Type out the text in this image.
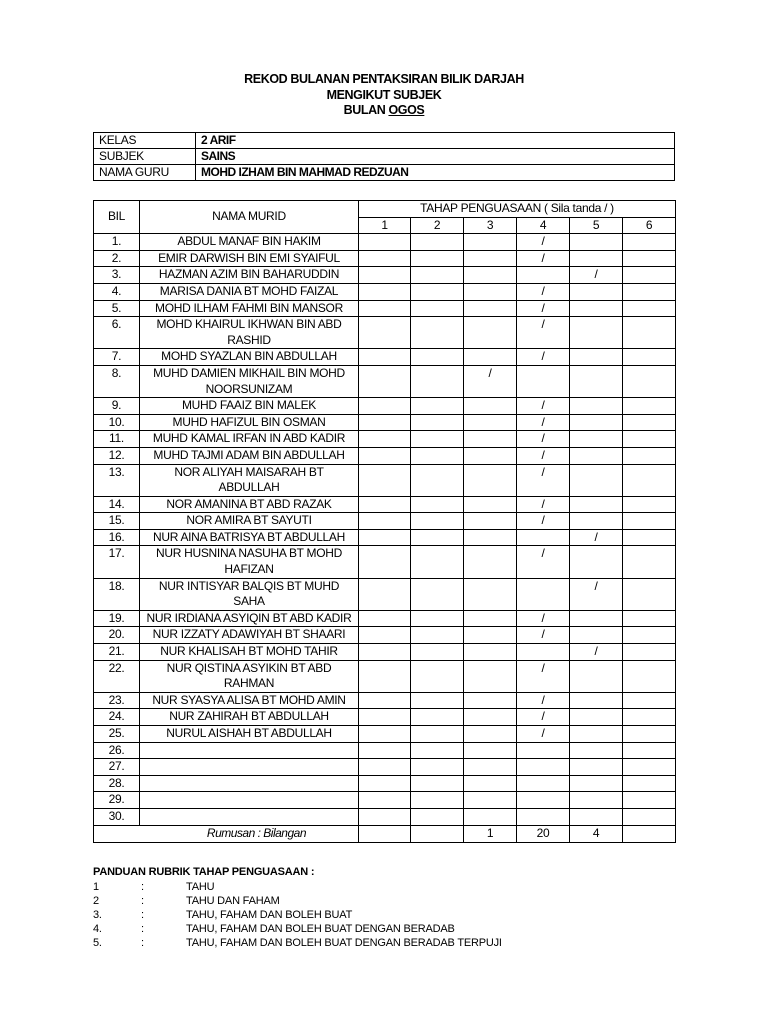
REKOD BULANAN PENTAKSIRAN BILIK DARJAH
MENGIKUT SUBJEK
BULAN OGOS
KELAS	2 ARIF
SUBJEK	SAINS
NAMA GURU	MOHD IZHAM BIN MAHMAD REDZUAN
BIL	NAMA MURID	TAHAP PENGUASAAN ( Sila tanda / )					
		1	2	3	4	5	6
1.	ABDUL MANAF BIN HAKIM				/		
2.	EMIR DARWISH BIN EMI SYAIFUL				/		
3.	HAZMAN AZIM BIN BAHARUDDIN					/	
4.	MARISA DANIA BT MOHD FAIZAL				/		
5.	MOHD ILHAM FAHMI BIN MANSOR				/		
6.	MOHD KHAIRUL IKHWAN BIN ABD RASHID				/		
7.	MOHD SYAZLAN BIN ABDULLAH				/		
8.	MUHD DAMIEN MIKHAIL BIN MOHD NOORSUNIZAM			/			
9.	MUHD FAAIZ BIN MALEK				/		
10.	MUHD HAFIZUL BIN OSMAN				/		
11.	MUHD KAMAL IRFAN IN ABD KADIR				/		
12.	MUHD TAJMI ADAM BIN ABDULLAH				/		
13.	NOR ALIYAH MAISARAH BT ABDULLAH				/		
14.	NOR AMANINA BT ABD RAZAK				/		
15.	NOR AMIRA BT SAYUTI				/		
16.	NUR AINA BATRISYA BT ABDULLAH					/	
17.	NUR HUSNINA NASUHA BT MOHD HAFIZAN				/		
18.	NUR INTISYAR BALQIS BT MUHD SAHA					/	
19.	NUR IRDIANA ASYIQIN BT ABD KADIR				/		
20.	NUR IZZATY ADAWIYAH BT SHAARI				/		
21.	NUR KHALISAH BT MOHD TAHIR					/	
22.	NUR QISTINA ASYIKIN BT ABD RAHMAN				/		
23.	NUR SYASYA ALISA BT MOHD AMIN				/		
24.	NUR ZAHIRAH BT ABDULLAH				/		
25.	NURUL AISHAH BT ABDULLAH				/		
26.							
27.							
28.							
29.							
30.							
Rumusan : Bilangan				1	20	4	
PANDUAN RUBRIK TAHAP PENGUASAAN :
1	:	TAHU
2	:	TAHU DAN FAHAM
3.	:	TAHU, FAHAM DAN BOLEH BUAT
4.	:	TAHU, FAHAM DAN BOLEH BUAT DENGAN BERADAB
5.	:	TAHU, FAHAM DAN BOLEH BUAT DENGAN BERADAB TERPUJI
